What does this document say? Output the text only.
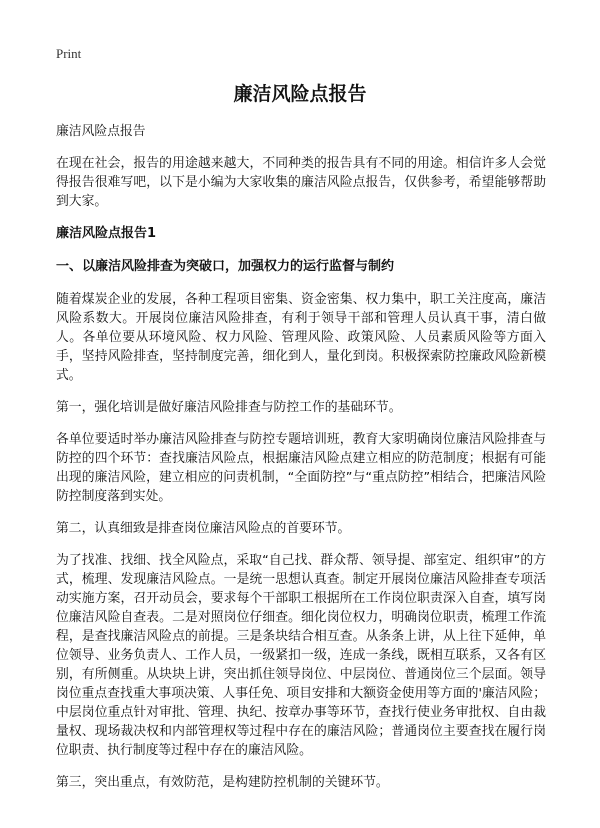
Print
廉洁风险点报告

廉洁风险点报告

在现在社会，报告的用途越来越大，不同种类的报告具有不同的用途。相信许多人会觉得报告很难写吧，以下是小编为大家收集的廉洁风险点报告，仅供参考，希望能够帮助到大家。

廉洁风险点报告1

一、以廉洁风险排查为突破口，加强权力的运行监督与制约

随着煤炭企业的发展，各种工程项目密集、资金密集、权力集中，职工关注度高，廉洁风险系数大。开展岗位廉洁风险排查，有利于领导干部和管理人员认真干事，清白做人。各单位要从环境风险、权力风险、管理风险、政策风险、人员素质风险等方面入手，坚持风险排查，坚持制度完善，细化到人，量化到岗。积极探索防控廉政风险新模式。

第一，强化培训是做好廉洁风险排查与防控工作的基础环节。

各单位要适时举办廉洁风险排查与防控专题培训班，教育大家明确岗位廉洁风险排查与防控的四个环节：查找廉洁风险点，根据廉洁风险点建立相应的防范制度；根据有可能出现的廉洁风险，建立相应的问责机制，“全面防控”与“重点防控”相结合，把廉洁风险防控制度落到实处。

第二，认真细致是排查岗位廉洁风险点的首要环节。

为了找准、找细、找全风险点，采取“自己找、群众帮、领导提、部室定、组织审”的方式，梳理、发现廉洁风险点。一是统一思想认真查。制定开展岗位廉洁风险排查专项活动实施方案，召开动员会，要求每个干部职工根据所在工作岗位职责深入自查，填写岗位廉洁风险自查表。二是对照岗位仔细查。细化岗位权力，明确岗位职责，梳理工作流程，是查找廉洁风险点的前提。三是条块结合相互查。从条条上讲，从上往下延伸，单位领导、业务负责人、工作人员，一级紧扣一级，连成一条线，既相互联系，又各有区别，有所侧重。从块块上讲，突出抓住领导岗位、中层岗位、普通岗位三个层面。领导岗位重点查找重大事项决策、人事任免、项目安排和大额资金使用等方面的'廉洁风险；中层岗位重点针对审批、管理、执纪、按章办事等环节，查找行使业务审批权、自由裁量权、现场裁决权和内部管理权等过程中存在的廉洁风险；普通岗位主要查找在履行岗位职责、执行制度等过程中存在的廉洁风险。

第三，突出重点，有效防范，是构建防控机制的关键环节。
